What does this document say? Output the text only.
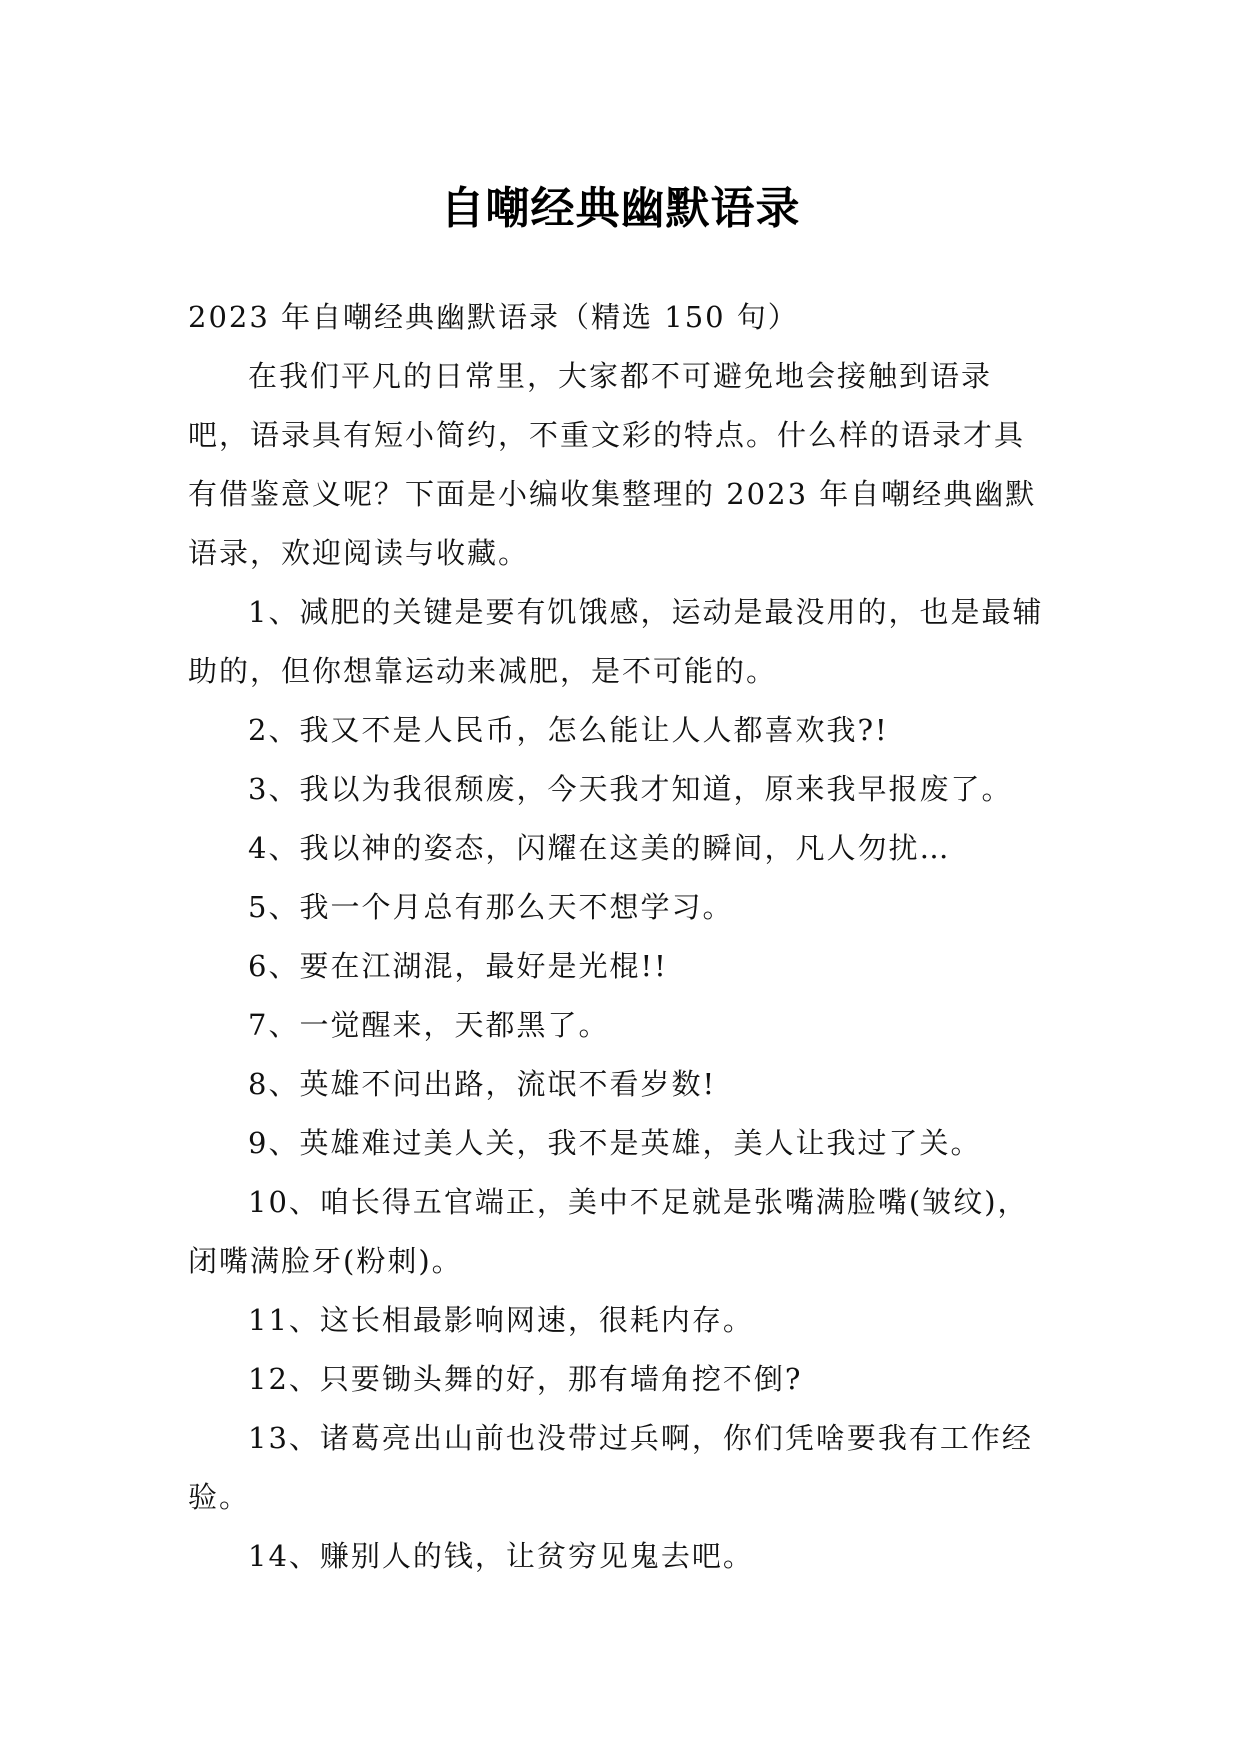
自嘲经典幽默语录

2023 年自嘲经典幽默语录（精选 150 句）

在我们平凡的日常里，大家都不可避免地会接触到语录吧，语录具有短小简约，不重文彩的特点。什么样的语录才具有借鉴意义呢？下面是小编收集整理的 2023 年自嘲经典幽默语录，欢迎阅读与收藏。

1、减肥的关键是要有饥饿感，运动是最没用的，也是最辅助的，但你想靠运动来减肥，是不可能的。

2、我又不是人民币，怎么能让人人都喜欢我?!

3、我以为我很颓废，今天我才知道，原来我早报废了。

4、我以神的姿态，闪耀在这美的瞬间，凡人勿扰…

5、我一个月总有那么天不想学习。

6、要在江湖混，最好是光棍!!

7、一觉醒来，天都黑了。

8、英雄不问出路，流氓不看岁数!

9、英雄难过美人关，我不是英雄，美人让我过了关。

10、咱长得五官端正，美中不足就是张嘴满脸嘴(皱纹)，闭嘴满脸牙(粉刺)。

11、这长相最影响网速，很耗内存。

12、只要锄头舞的好，那有墙角挖不倒?

13、诸葛亮出山前也没带过兵啊，你们凭啥要我有工作经验。

14、赚别人的钱，让贫穷见鬼去吧。
